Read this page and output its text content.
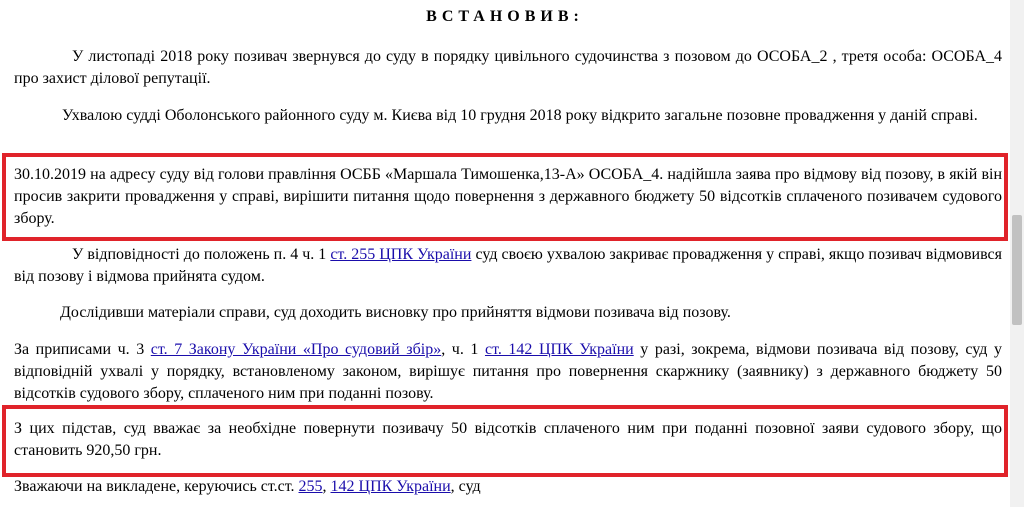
ВСТАНОВИВ:

У листопаді 2018 року позивач звернувся до суду в порядку цивільного судочинства з позовом до ОСОБА_2 , третя особа: ОСОБА_4 про захист ділової репутації.

Ухвалою судді Оболонського районного суду м. Києва від 10 грудня 2018 року відкрито загальне позовне провадження у даній справі.

30.10.2019 на адресу суду від голови правління ОСББ «Маршала Тимошенка,13-А» ОСОБА_4. надійшла заява про відмову від позову, в якій він просив закрити провадження у справі, вирішити питання щодо повернення з державного бюджету 50 відсотків сплаченого позивачем судового збору.

У відповідності до положень п. 4 ч. 1 ст. 255 ЦПК України суд своєю ухвалою закриває провадження у справі, якщо позивач відмовився від позову і відмова прийнята судом.

Дослідивши матеріали справи, суд доходить висновку про прийняття відмови позивача від позову.

За приписами ч. 3 ст. 7 Закону України «Про судовий збір», ч. 1 ст. 142 ЦПК України у разі, зокрема, відмови позивача від позову, суд у відповідній ухвалі у порядку, встановленому законом, вирішує питання про повернення скаржнику (заявнику) з державного бюджету 50 відсотків судового збору, сплаченого ним при поданні позову.

З цих підстав, суд вважає за необхідне повернути позивачу 50 відсотків сплаченого ним при поданні позовної заяви судового збору, що становить 920,50 грн.

Зважаючи на викладене, керуючись ст.ст. 255, 142 ЦПК України, суд
